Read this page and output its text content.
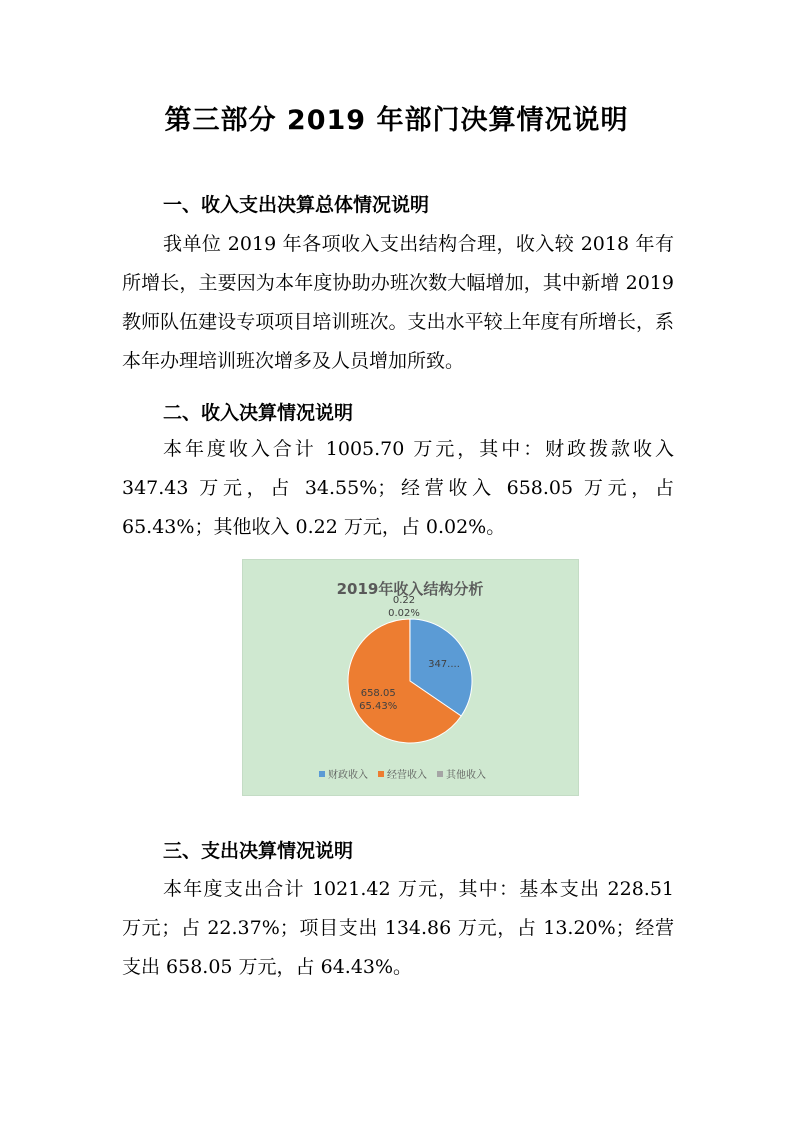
第三部分 2019 年部门决算情况说明
一、收入支出决算总体情况说明

我单位 2019 年各项收入支出结构合理，收入较 2018 年有所增长，主要因为本年度协助办班次数大幅增加，其中新增 2019 教师队伍建设专项项目培训班次。支出水平较上年度有所增长，系本年办理培训班次增多及人员增加所致。

二、收入决算情况说明

本年度收入合计 1005.70 万元，其中：财政拨款收入 347.43 万元，占 34.55%；经营收入 658.05 万元，占 65.43%；其他收入 0.22 万元，占 0.02%。

2019年收入结构分析
347....
658.05
65.43%
0.22
0.02%
财政收入 经营收入 其他收入
三、支出决算情况说明

本年度支出合计 1021.42 万元，其中：基本支出 228.51 万元；占 22.37%；项目支出 134.86 万元，占 13.20%；经营支出 658.05 万元，占 64.43%。
